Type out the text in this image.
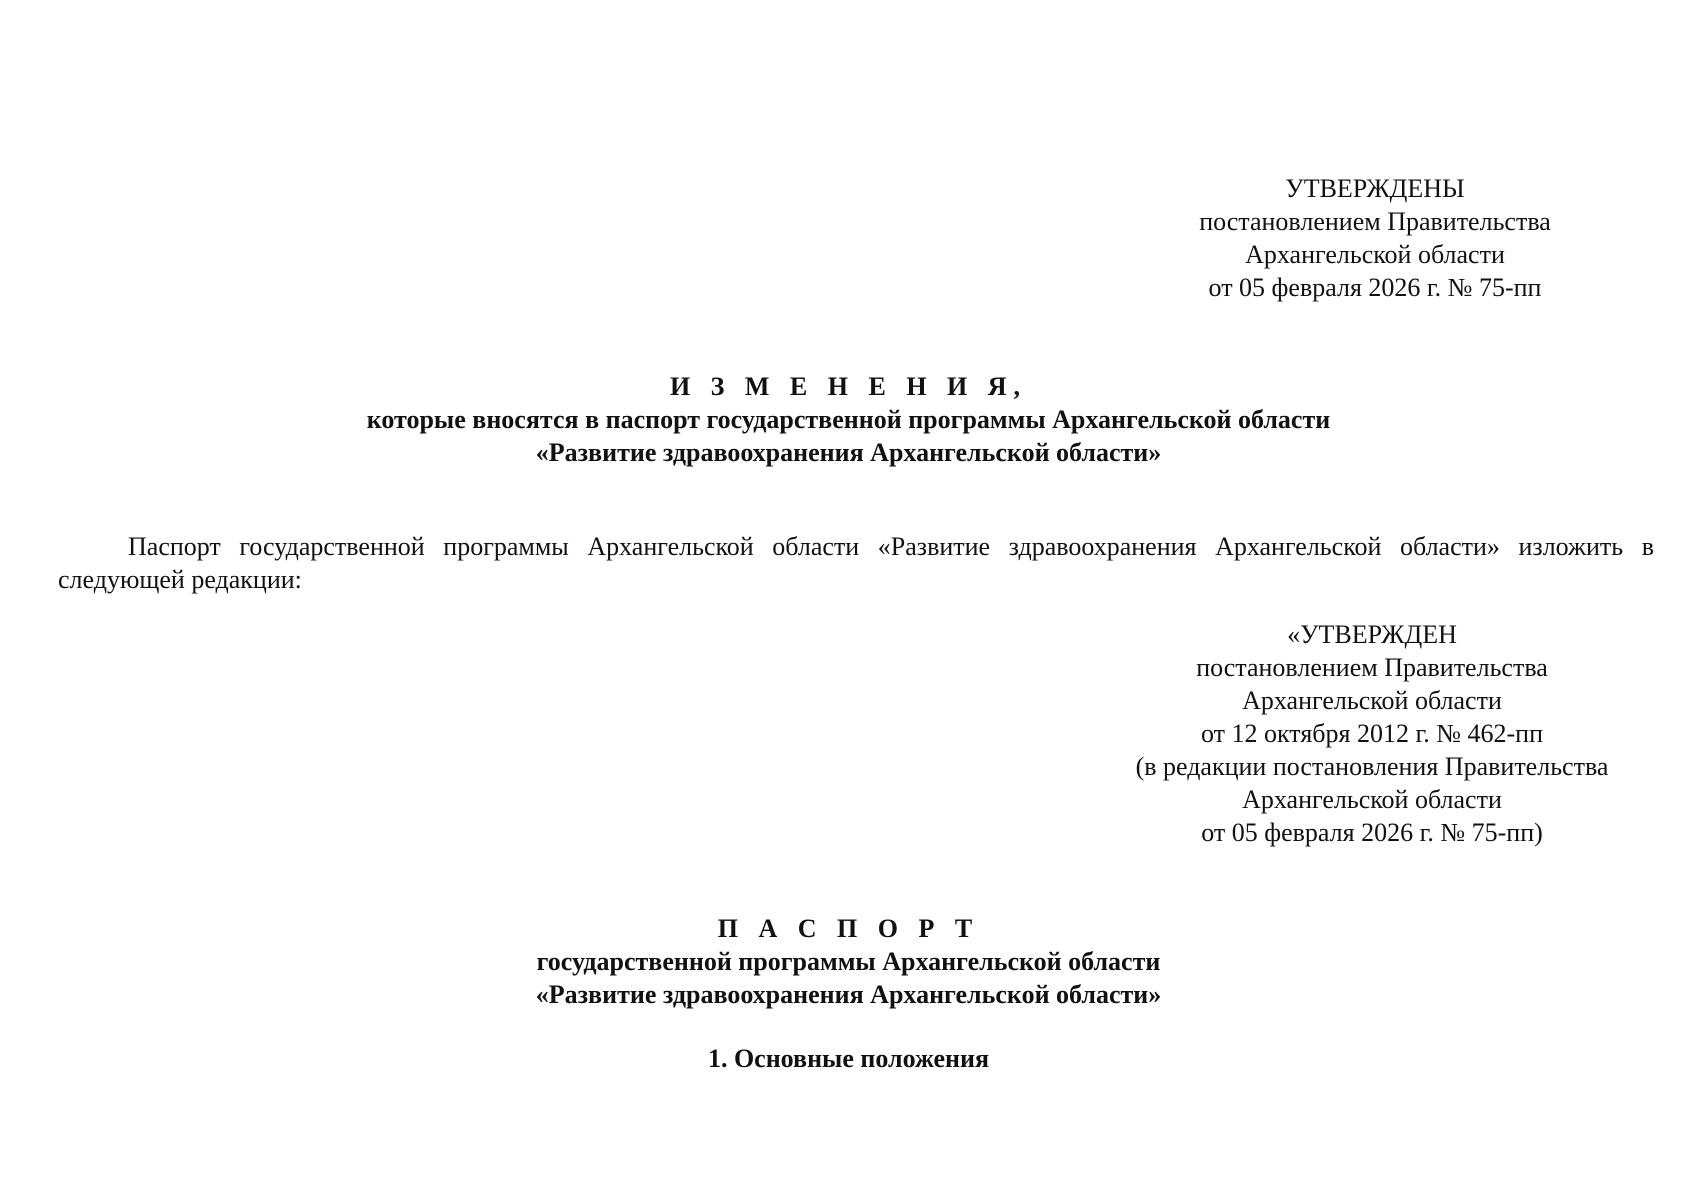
УТВЕРЖДЕНЫ
постановлением Правительства
Архангельской области
от 05 февраля 2026 г. № 75-пп
И З М Е Н Е Н И Я,
которые вносятся в паспорт государственной программы Архангельской области
«Развитие здравоохранения Архангельской области»
Паспорт государственной программы Архангельской области «Развитие здравоохранения Архангельской области» изложить в следующей редакции:
«УТВЕРЖДЕН
постановлением Правительства
Архангельской области
от 12 октября 2012 г. № 462-пп
(в редакции постановления Правительства
Архангельской области
от 05 февраля 2026 г. № 75-пп)
П А С П О Р Т
государственной программы Архангельской области
«Развитие здравоохранения Архангельской области»
1. Основные положения
